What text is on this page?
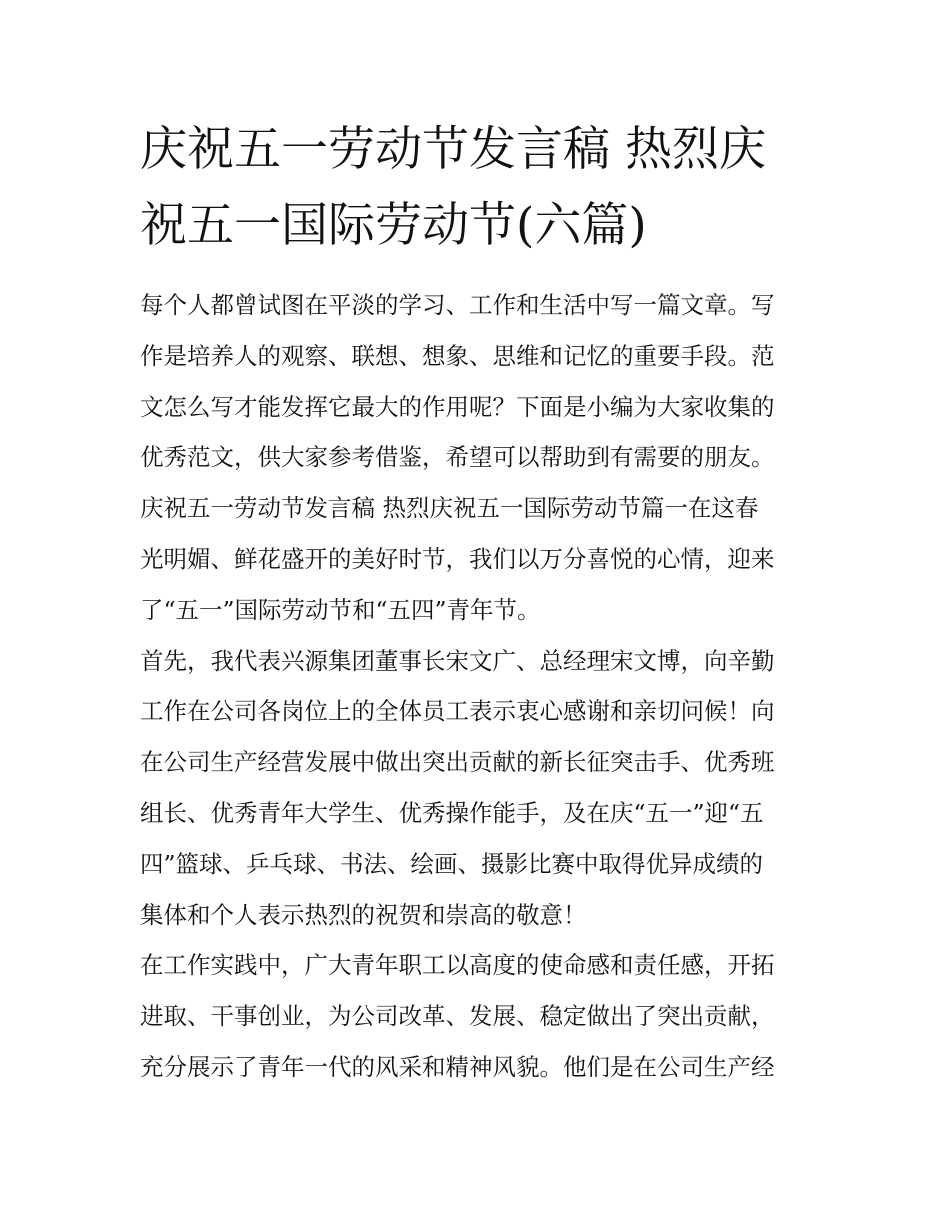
庆祝五一劳动节发言稿 热烈庆
祝五一国际劳动节(六篇)
每个人都曾试图在平淡的学习、工作和生活中写一篇文章。写
作是培养人的观察、联想、想象、思维和记忆的重要手段。范
文怎么写才能发挥它最大的作用呢？下面是小编为大家收集的
优秀范文，供大家参考借鉴，希望可以帮助到有需要的朋友。
庆祝五一劳动节发言稿 热烈庆祝五一国际劳动节篇一在这春
光明媚、鲜花盛开的美好时节，我们以万分喜悦的心情，迎来
了“五一”国际劳动节和“五四”青年节。
首先，我代表兴源集团董事长宋文广、总经理宋文博，向辛勤
工作在公司各岗位上的全体员工表示衷心感谢和亲切问候！向
在公司生产经营发展中做出突出贡献的新长征突击手、优秀班
组长、优秀青年大学生、优秀操作能手，及在庆“五一”迎“五
四”篮球、乒乓球、书法、绘画、摄影比赛中取得优异成绩的
集体和个人表示热烈的祝贺和崇高的敬意！
在工作实践中，广大青年职工以高度的使命感和责任感，开拓
进取、干事创业，为公司改革、发展、稳定做出了突出贡献，
充分展示了青年一代的风采和精神风貌。他们是在公司生产经
